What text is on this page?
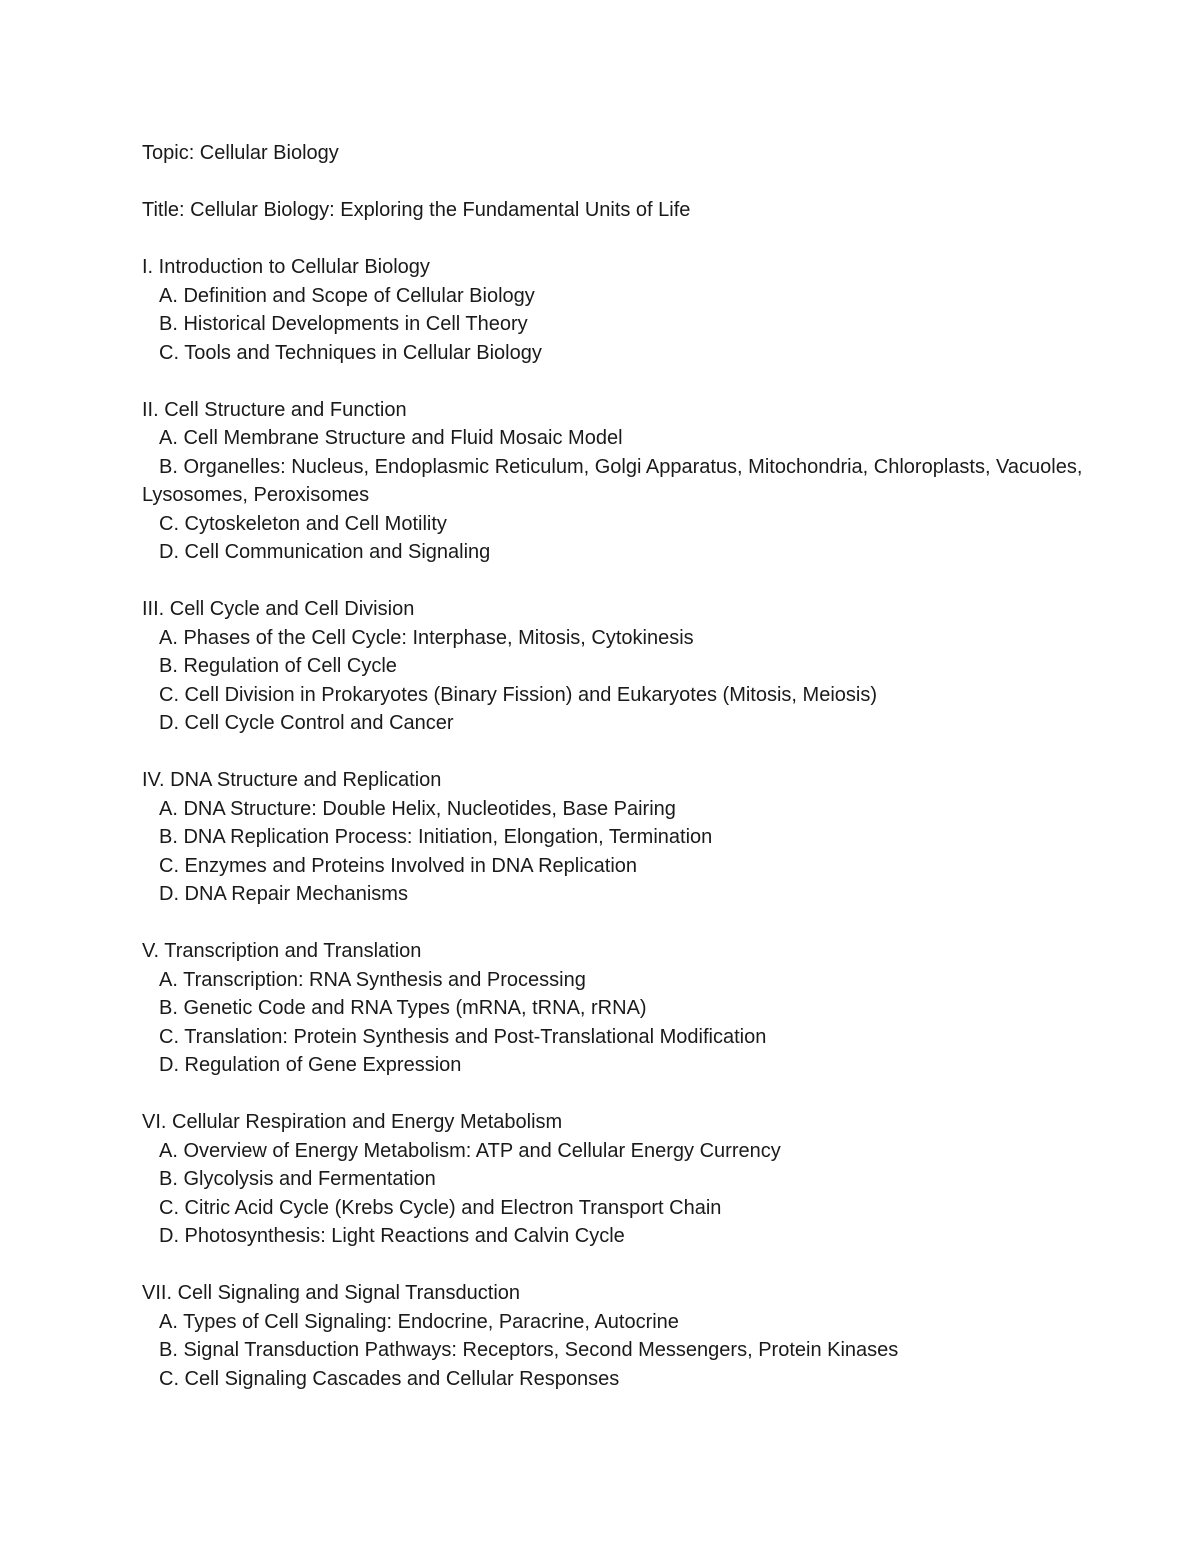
Topic: Cellular Biology

Title: Cellular Biology: Exploring the Fundamental Units of Life

I. Introduction to Cellular Biology

A. Definition and Scope of Cellular Biology

B. Historical Developments in Cell Theory

C. Tools and Techniques in Cellular Biology

II. Cell Structure and Function

A. Cell Membrane Structure and Fluid Mosaic Model

B. Organelles: Nucleus, Endoplasmic Reticulum, Golgi Apparatus, Mitochondria, Chloroplasts, Vacuoles, Lysosomes, Peroxisomes

C. Cytoskeleton and Cell Motility

D. Cell Communication and Signaling

III. Cell Cycle and Cell Division

A. Phases of the Cell Cycle: Interphase, Mitosis, Cytokinesis

B. Regulation of Cell Cycle

C. Cell Division in Prokaryotes (Binary Fission) and Eukaryotes (Mitosis, Meiosis)

D. Cell Cycle Control and Cancer

IV. DNA Structure and Replication

A. DNA Structure: Double Helix, Nucleotides, Base Pairing

B. DNA Replication Process: Initiation, Elongation, Termination

C. Enzymes and Proteins Involved in DNA Replication

D. DNA Repair Mechanisms

V. Transcription and Translation

A. Transcription: RNA Synthesis and Processing

B. Genetic Code and RNA Types (mRNA, tRNA, rRNA)

C. Translation: Protein Synthesis and Post-Translational Modification

D. Regulation of Gene Expression

VI. Cellular Respiration and Energy Metabolism

A. Overview of Energy Metabolism: ATP and Cellular Energy Currency

B. Glycolysis and Fermentation

C. Citric Acid Cycle (Krebs Cycle) and Electron Transport Chain

D. Photosynthesis: Light Reactions and Calvin Cycle

VII. Cell Signaling and Signal Transduction

A. Types of Cell Signaling: Endocrine, Paracrine, Autocrine

B. Signal Transduction Pathways: Receptors, Second Messengers, Protein Kinases

C. Cell Signaling Cascades and Cellular Responses
